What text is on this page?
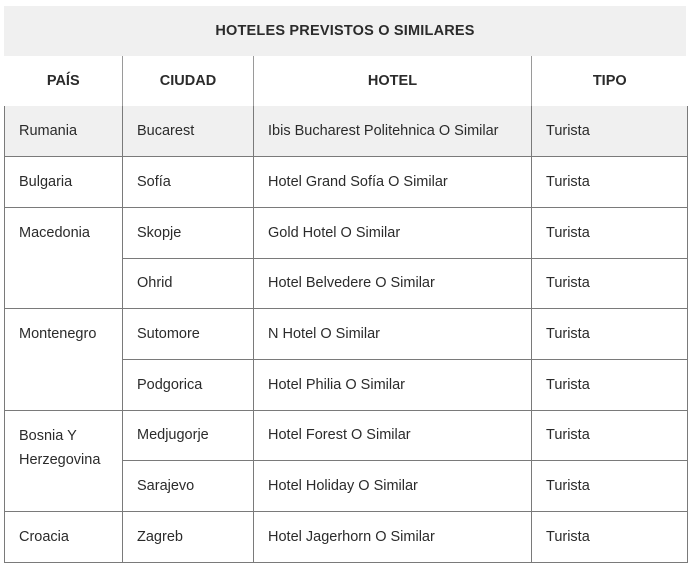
HOTELES PREVISTOS O SIMILARES
PAÍS	CIUDAD	HOTEL	TIPO
Rumania	Bucarest	Ibis Bucharest Politehnica O Similar	Turista
Bulgaria	Sofía	Hotel Grand Sofía O Similar	Turista
Macedonia	Skopje	Gold Hotel O Similar	Turista
	Ohrid	Hotel Belvedere O Similar	Turista
Montenegro	Sutomore	N Hotel O Similar	Turista
	Podgorica	Hotel Philia O Similar	Turista
Bosnia Y Herzegovina	Medjugorje	Hotel Forest O Similar	Turista
	Sarajevo	Hotel Holiday O Similar	Turista
Croacia	Zagreb	Hotel Jagerhorn O Similar	Turista
